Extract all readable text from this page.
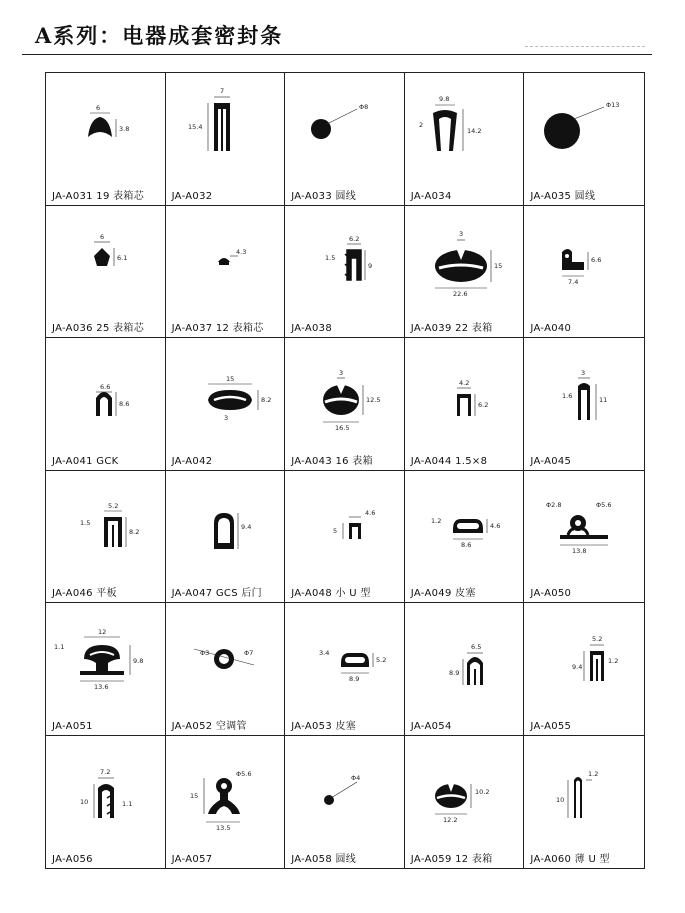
A系列：电器成套密封条
6
3.8
JA-A031 19 表箱芯
7
15.4
JA-A032
Φ8
JA-A033 圆线
9.8
2
14.2
JA-A034
Φ13
JA-A035 圆线
6
6.1
JA-A036 25 表箱芯
4.3
JA-A037 12 表箱芯
6.2
1.5
9
JA-A038
3
15
22.6
JA-A039 22 表箱
6.6
7.4
JA-A040
6.6
8.6
JA-A041 GCK
15
8.2
3
JA-A042
3
12.5
16.5
JA-A043 16 表箱
4.2
6.2
JA-A044 1.5×8
3
1.6	11
JA-A045
5.2
1.5
8.2
JA-A046 平板
9.4
JA-A047 GCS 后门
4.6
5
JA-A048 小 U 型
1.2
4.6
8.6
JA-A049 皮塞
Φ2.8	Φ5.6
13.8
JA-A050
12
1.1
9.8
13.6
JA-A051
Φ3	Φ7
JA-A052 空调管
3.4
5.2
8.9
JA-A053 皮塞
6.5
8.9
JA-A054
5.2
9.4
1.2
JA-A055
7.2
10	1.1
JA-A056
Φ5.6
15
13.5
JA-A057
Φ4
JA-A058 圆线
10.2
12.2
JA-A059 12 表箱
1.2
10
JA-A060 薄 U 型
